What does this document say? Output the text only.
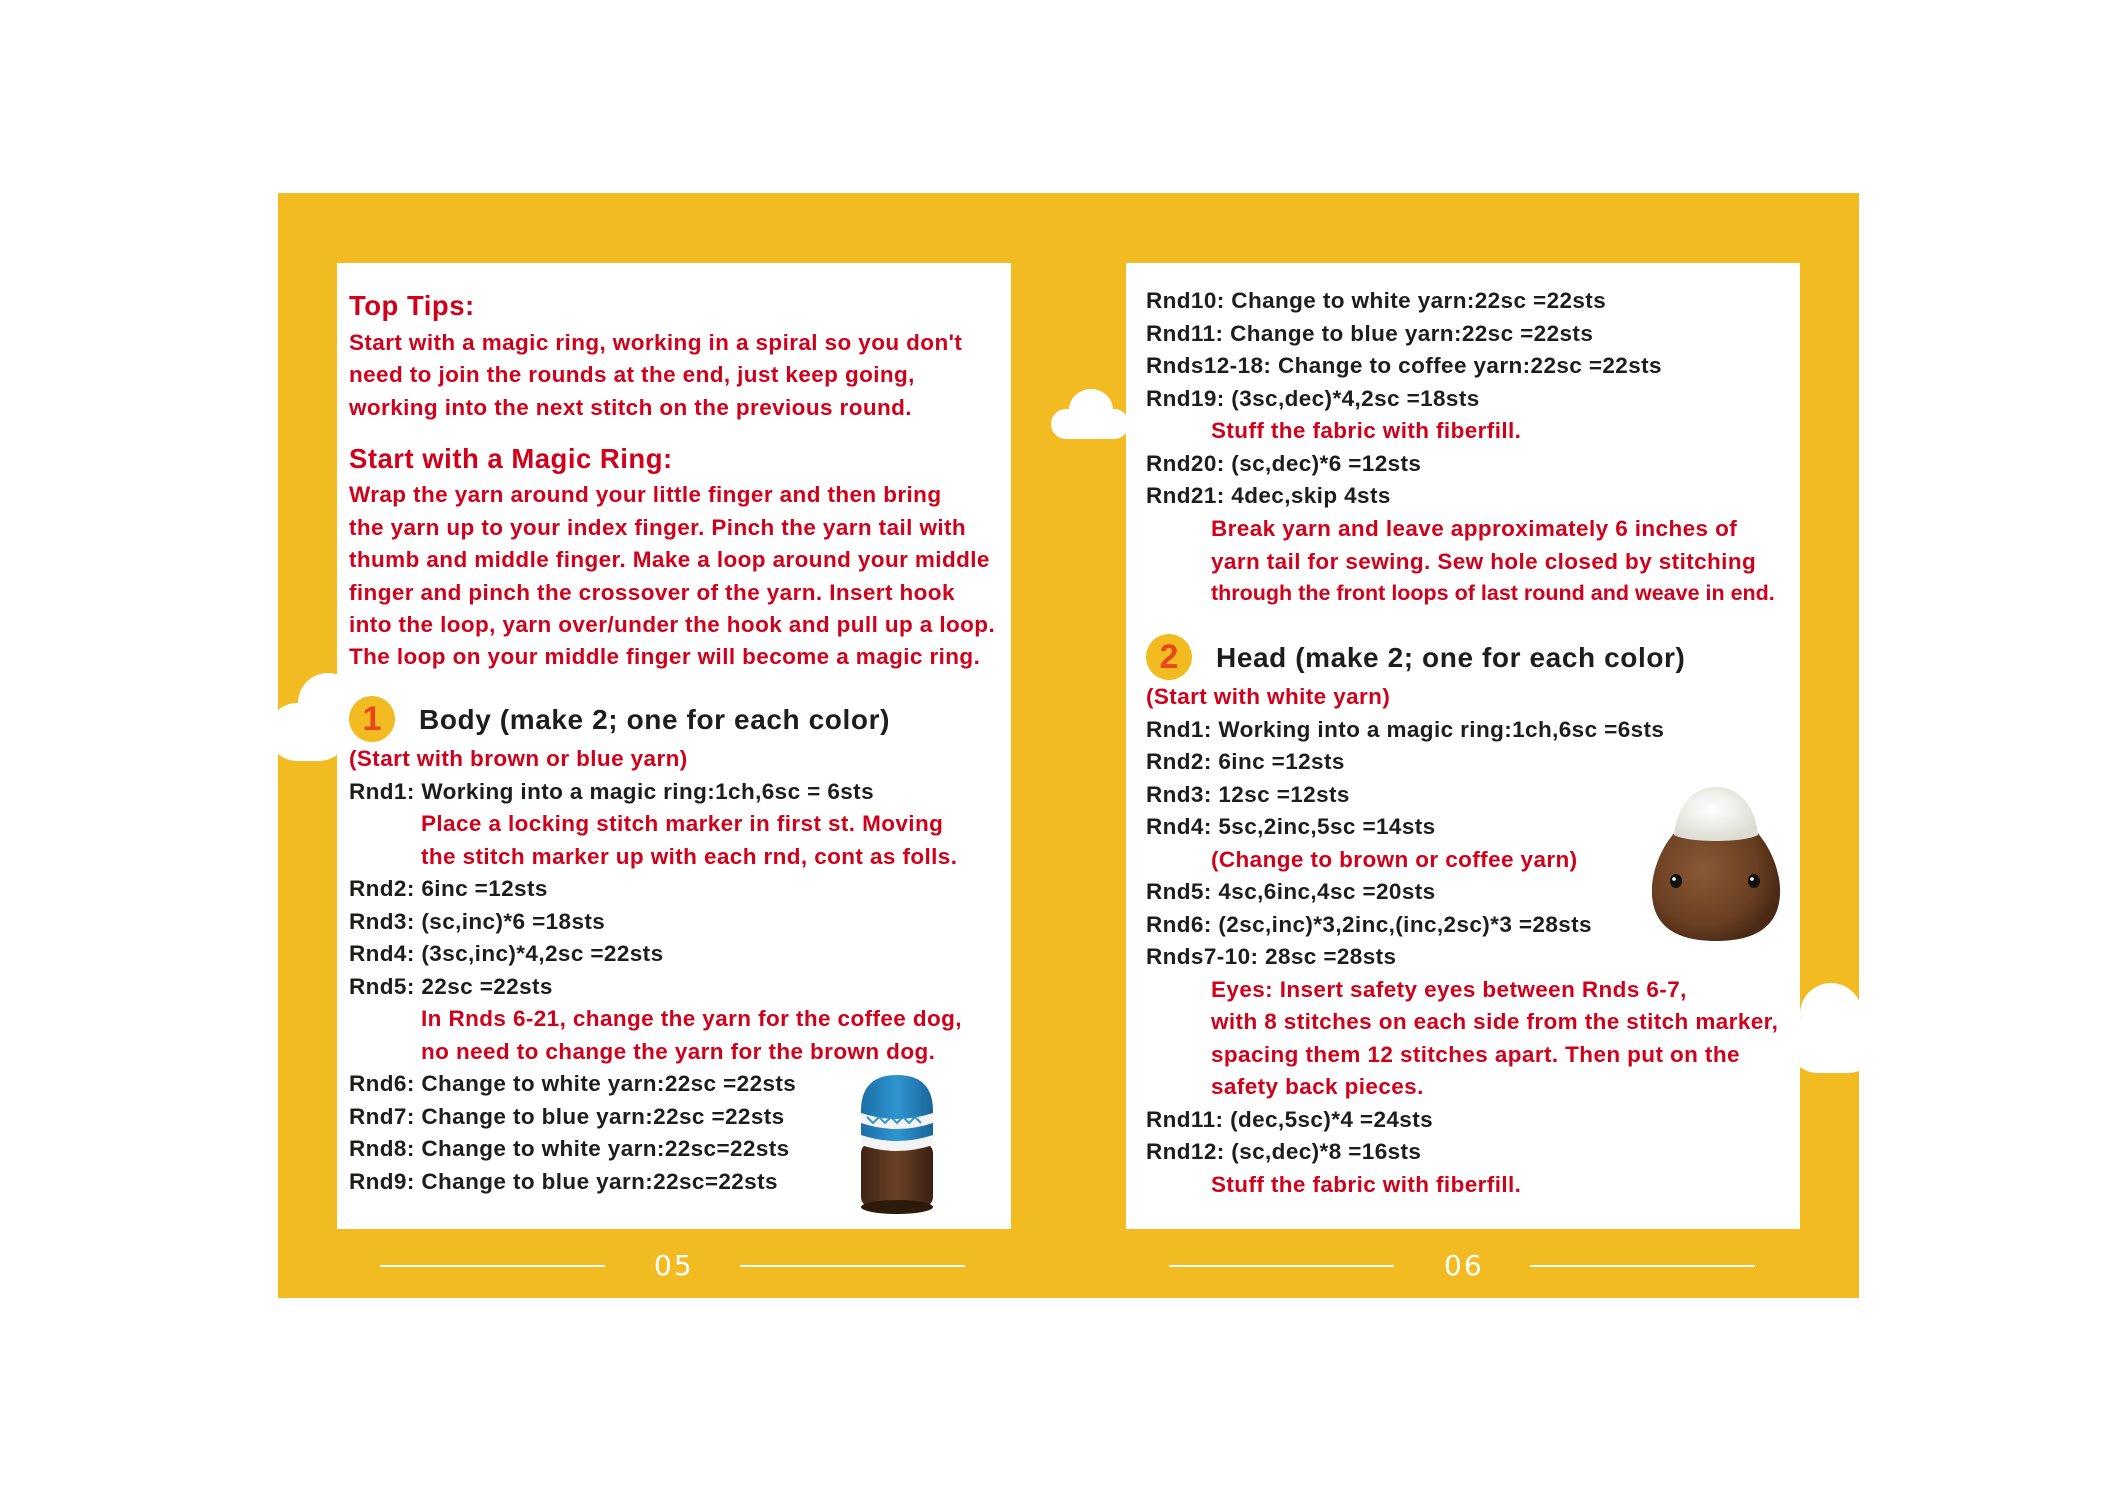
Top Tips:
Start with a magic ring, working in a spiral so you don't
need to join the rounds at the end, just keep going,
working into the next stitch on the previous round.
Start with a Magic Ring:
Wrap the yarn around your little finger and then bring
the yarn up to your index finger. Pinch the yarn tail with
thumb and middle finger. Make a loop around your middle
finger and pinch the crossover of the yarn. Insert hook
into the loop, yarn over/under the hook and pull up a loop.
The loop on your middle finger will become a magic ring.
1	Body (make 2; one for each color)
(Start with brown or blue yarn)
Rnd1: Working into a magic ring:1ch,6sc = 6sts
Place a locking stitch marker in first st. Moving
the stitch marker up with each rnd, cont as folls.
Rnd2: 6inc =12sts
Rnd3: (sc,inc)*6 =18sts
Rnd4: (3sc,inc)*4,2sc =22sts
Rnd5: 22sc =22sts
In Rnds 6-21, change the yarn for the coffee dog,
no need to change the yarn for the brown dog.
Rnd6: Change to white yarn:22sc =22sts
Rnd7: Change to blue yarn:22sc =22sts
Rnd8: Change to white yarn:22sc=22sts
Rnd9: Change to blue yarn:22sc=22sts
Rnd10: Change to white yarn:22sc =22sts
Rnd11: Change to blue yarn:22sc =22sts
Rnds12-18: Change to coffee yarn:22sc =22sts
Rnd19: (3sc,dec)*4,2sc =18sts
Stuff the fabric with fiberfill.
Rnd20: (sc,dec)*6 =12sts
Rnd21: 4dec,skip 4sts
Break yarn and leave approximately 6 inches of
yarn tail for sewing. Sew hole closed by stitching
through the front loops of last round and weave in end.
2	Head (make 2; one for each color)
(Start with white yarn)
Rnd1: Working into a magic ring:1ch,6sc =6sts
Rnd2: 6inc =12sts
Rnd3: 12sc =12sts
Rnd4: 5sc,2inc,5sc =14sts
(Change to brown or coffee yarn)
Rnd5: 4sc,6inc,4sc =20sts
Rnd6: (2sc,inc)*3,2inc,(inc,2sc)*3 =28sts
Rnds7-10: 28sc =28sts
Eyes: Insert safety eyes between Rnds 6-7,
with 8 stitches on each side from the stitch marker,
spacing them 12 stitches apart. Then put on the
safety back pieces.
Rnd11: (dec,5sc)*4 =24sts
Rnd12: (sc,dec)*8 =16sts
Stuff the fabric with fiberfill.
05	06
